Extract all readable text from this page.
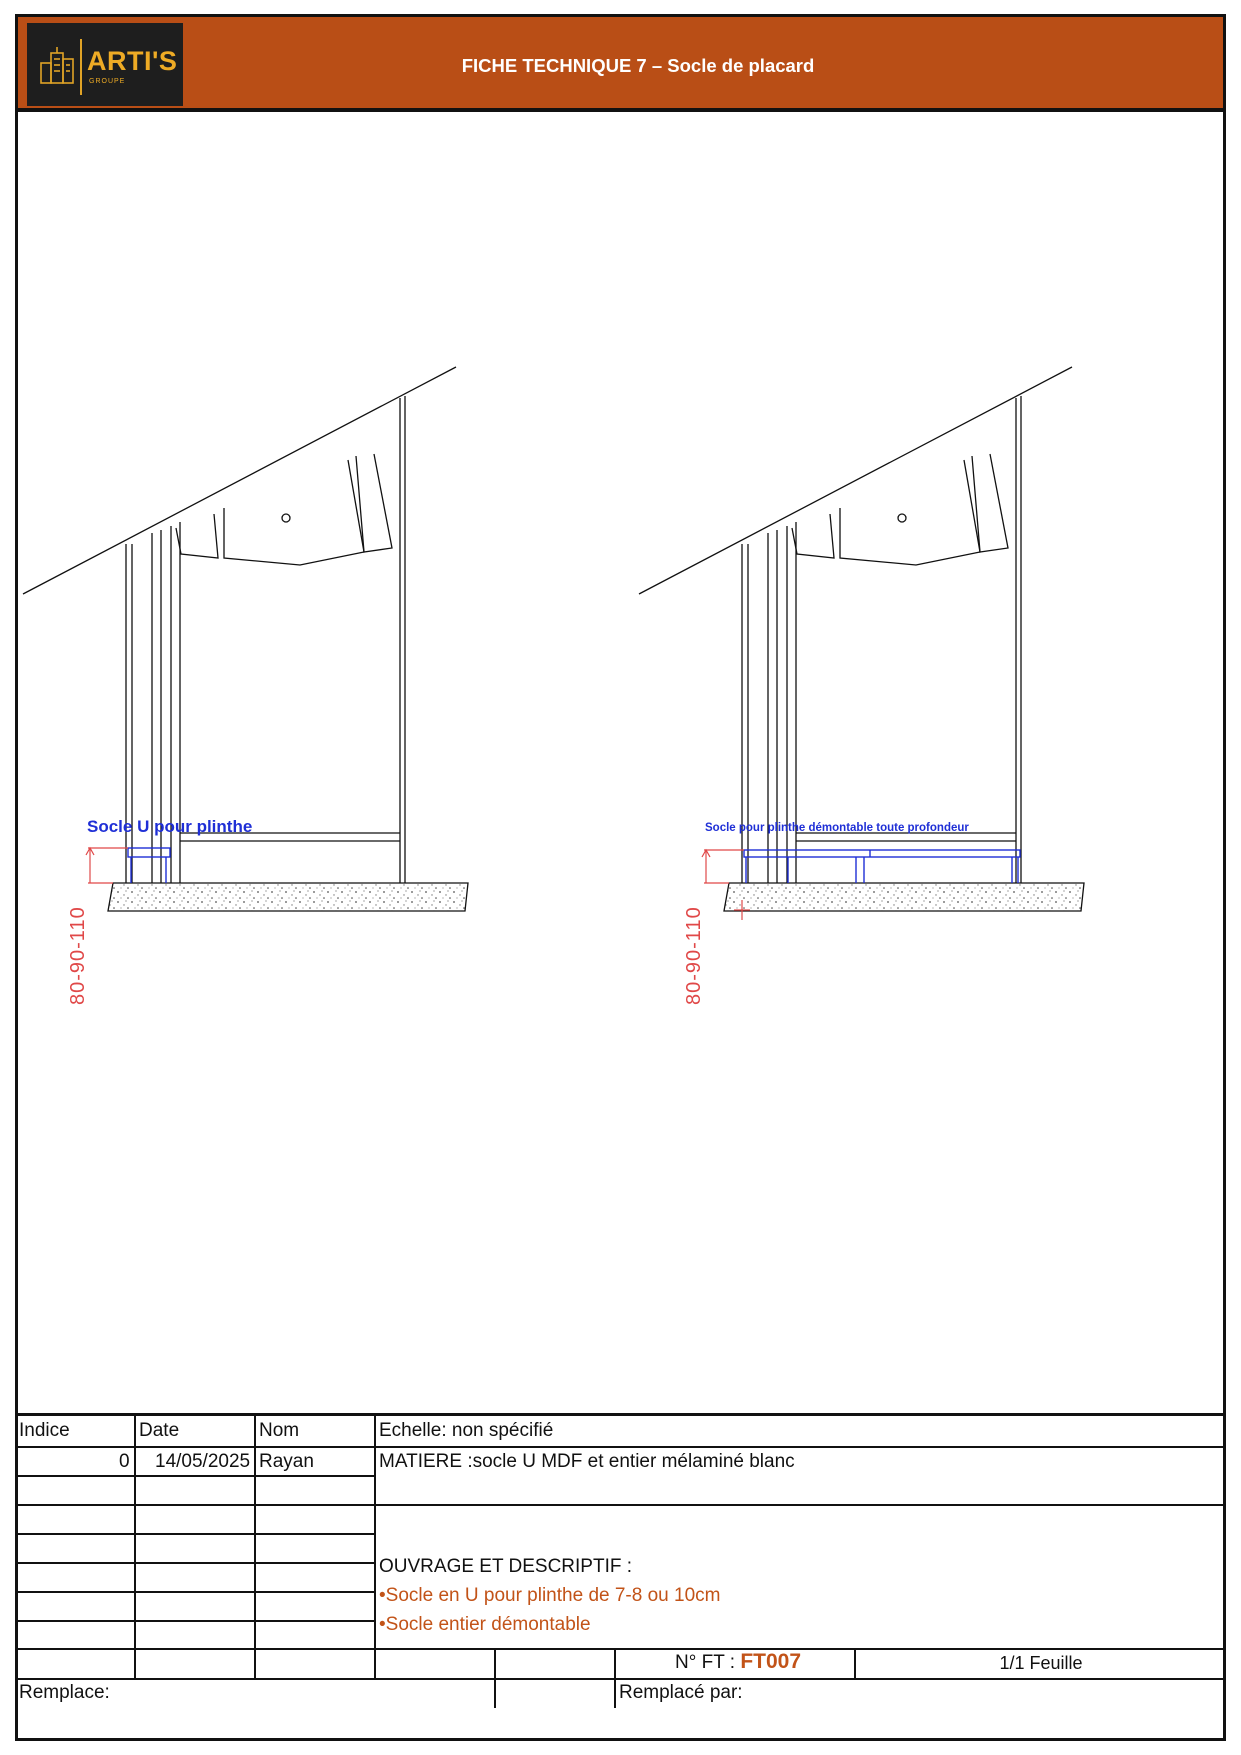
ARTI'S
GROUPE
FICHE TECHNIQUE 7 – Socle de placard
Socle U pour plinthe
80-90-110
Socle pour plinthe démontable toute profondeur
80-90-110
Indice	Date	Nom	Echelle: non spécifié
0 14/05/2025 Rayan	MATIERE :socle U MDF et entier mélaminé blanc
OUVRAGE ET DESCRIPTIF :
•Socle en U pour plinthe de 7-8 ou 10cm
•Socle entier démontable
N° FT : FT007	1/1 Feuille
Remplace:	Remplacé par:
